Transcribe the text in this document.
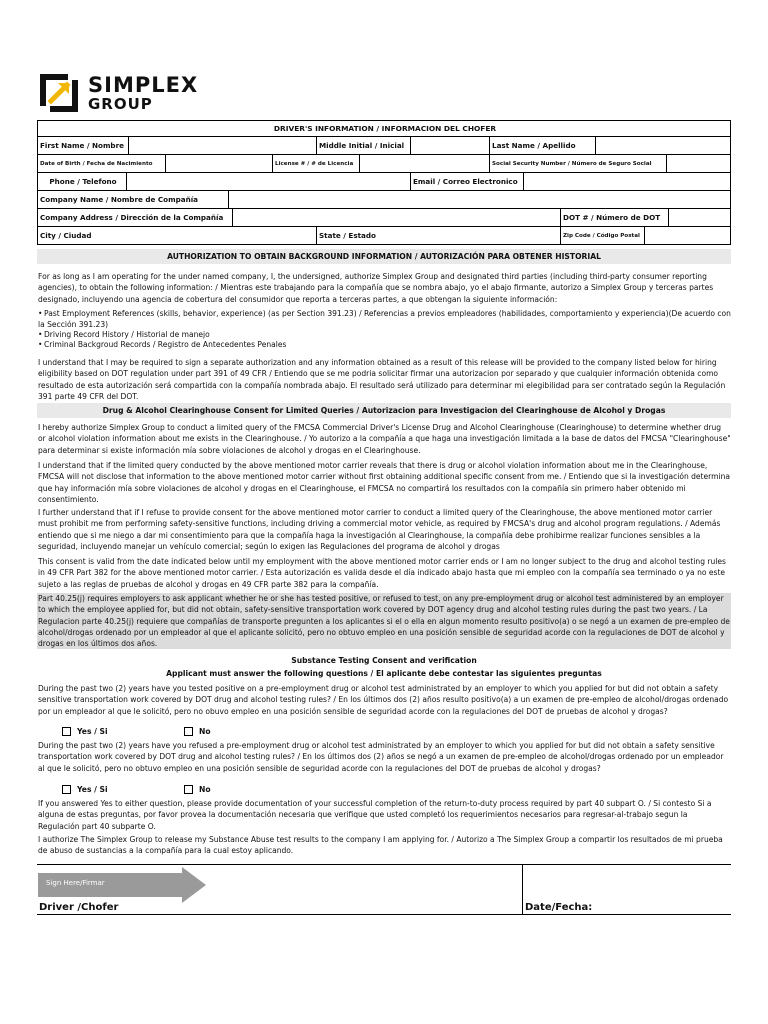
SIMPLEX
GROUP
DRIVER'S INFORMATION / INFORMACION DEL CHOFER
First Name / Nombre	Middle Initial / Inicial	Last Name / Apellido
Date of Birth / Fecha de Nacimiento	License # / # de Licencia	Social Security Number / Número de Seguro Social
Phone / Telefono	Email / Correo Electronico
Company Name / Nombre de Compañía
Company Address / Dirección de la Compañía	DOT # / Número de DOT
City / Ciudad	State / Estado	Zip Code / Código Postal
AUTHORIZATION TO OBTAIN BACKGROUND INFORMATION / AUTORIZACIÓN PARA OBTENER HISTORIAL
For as long as I am operating for the under named company, I, the undersigned, authorize Simplex Group and designated third parties (including third-party consumer reporting agencies), to obtain the following information: / Mientras este trabajando para la compañía que se nombra abajo, yo el abajo firmante, autorizo a Simplex Group y terceras partes designado, incluyendo una agencia de cobertura del consumidor que reporta a terceras partes, a que obtengan la siguiente información:
• Past Employment References (skills, behavior, experience) (as per Section 391.23) / Referencias a previos empleadores (habilidades, comportamiento y experiencia)(De acuerdo con la Sección 391.23)
• Driving Record History / Historial de manejo
• Criminal Backgroud Records / Registro de Antecedentes Penales
I understand that I may be required to sign a separate authorization and any information obtained as a result of this release will be provided to the company listed below for hiring eligibility based on DOT regulation under part 391 of 49 CFR / Entiendo que se me podria solicitar firmar una autorizacion por separado y que cualquier información obtenida como resultado de esta autorización será compartida con la compañía nombrada abajo. El resultado será utilizado para determinar mi elegibilidad para ser contratado según la Regulación 391 parte 49 CFR del DOT.
Drug & Alcohol Clearinghouse Consent for Limited Queries / Autorizacion para Investigacion del Clearinghouse de Alcohol y Drogas
I hereby authorize Simplex Group to conduct a limited query of the FMCSA Commercial Driver's License Drug and Alcohol Clearinghouse (Clearinghouse) to determine whether drug or alcohol violation information about me exists in the Clearinghouse. / Yo autorizo a la compañía a que haga una investigación limitada a la base de datos del FMCSA "Clearinghouse" para determinar si existe información mía sobre violaciones de alcohol y drogas en el Clearinghouse.
I understand that if the limited query conducted by the above mentioned motor carrier reveals that there is drug or alcohol violation information about me in the Clearinghouse, FMCSA will not disclose that information to the above mentioned motor carrier without first obtaining additional specific consent from me. / Entiendo que si la investigación determina que hay información mía sobre violaciones de alcohol y drogas en el Clearinghouse, el FMCSA no compartirá los resultados con la compañía sin primero haber obtenido mi consentimiento.
I further understand that if I refuse to provide consent for the above mentioned motor carrier to conduct a limited query of the Clearinghouse, the above mentioned motor carrier must prohibit me from performing safety-sensitive functions, including driving a commercial motor vehicle, as required by FMCSA's drug and alcohol program regulations. / Además entiendo que si me niego a dar mi consentimiento para que la compañía haga la investigación al Clearinghouse, la compañía debe prohibirme realizar funciones sensibles a la seguridad, incluyendo manejar un vehículo comercial; según lo exigen las Regulaciones del programa de alcohol y drogas
This consent is valid from the date indicated below until my employment with the above mentioned motor carrier ends or I am no longer subject to the drug and alcohol testing rules in 49 CFR Part 382 for the above mentioned motor carrier. / Esta autorización es valida desde el día indicado abajo hasta que mi empleo con la compañía sea terminado o ya no este sujeto a las reglas de pruebas de alcohol y drogas en 49 CFR parte 382 para la compañía.
Part 40.25(j) requires employers to ask applicant whether he or she has tested positive, or refused to test, on any pre-employment drug or alcohol test administered by an employer to which the employee applied for, but did not obtain, safety-sensitive transportation work covered by DOT agency drug and alcohol testing rules during the past two years. / La Regulacion parte 40.25(j) requiere que compañías de transporte pregunten a los aplicantes si el o ella en algun momento resulto positivo(a) o se negó a un examen de pre-empleo de alcohol/drogas ordenado por un empleador al que el aplicante solicitó, pero no obtuvo empleo en una posición sensible de seguridad acorde con la regulaciones de DOT de alcohol y drogas en los últimos dos años.
Substance Testing Consent and verification
Applicant must answer the following questions / El aplicante debe contestar las siguientes preguntas
During the past two (2) years have you tested positive on a pre-employment drug or alcohol test administrated by an employer to which you applied for but did not obtain a safety sensitive transportation work covered by DOT drug and alcohol testing rules? / En los últimos dos (2) años resulto positivo(a) a un examen de pre-empleo de alcohol/drogas ordenado por un empleador al que le solicitó, pero no obuvo empleo en una posición sensible de seguridad acorde con la regulaciones del DOT de pruebas de alcohol y drogas?
Yes / Si	No
During the past two (2) years have you refused a pre-employment drug or alcohol test administrated by an employer to which you applied for but did not obtain a safety sensitive transportation work covered by DOT drug and alcohol testing rules? / En los últimos dos (2) años se negó a un examen de pre-empleo de alcohol/drogas ordenado por un empleador al que le solicitó, pero no obtuvo empleo en una posición sensible de seguridad acorde con la regulaciones del DOT de pruebas de alcohol y drogas?
Yes / Si	No
If you answered Yes to either question, please provide documentation of your successful completion of the return-to-duty process required by part 40 subpart O. / Si contesto Si a alguna de estas preguntas, por favor provea la documentación necesaria que verifique que usted completó los requerimientos necesarios para regresar-al-trabajo segun la Regulación part 40 subparte O.
I authorize The Simplex Group to release my Substance Abuse test results to the company I am applying for. / Autorizo a The Simplex Group a compartir los resultados de mi prueba de abuso de sustancias a la compañía para la cual estoy aplicando.
Sign Here/Firmar
Driver /Chofer	Date/Fecha:
